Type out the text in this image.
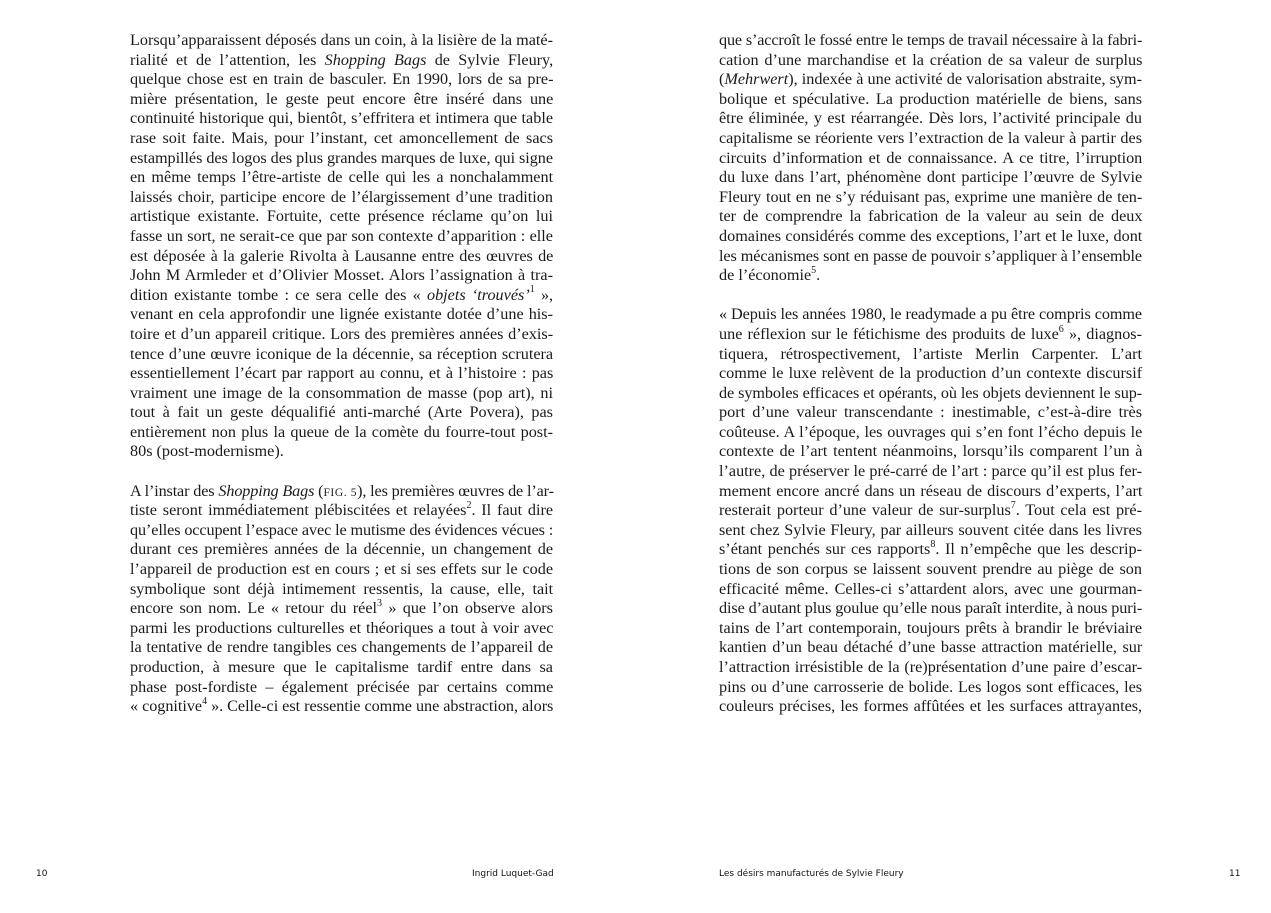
Lorsqu’apparaissent déposés dans un coin, à la lisière de la maté-
rialité et de l’attention, les Shopping Bags de Sylvie Fleury,
quelque chose est en train de basculer. En 1990, lors de sa pre-
mière présentation, le geste peut encore être inséré dans une
continuité historique qui, bientôt, s’effritera et intimera que table
rase soit faite. Mais, pour l’instant, cet amoncellement de sacs
estampillés des logos des plus grandes marques de luxe, qui signe
en même temps l’être-artiste de celle qui les a nonchalamment
laissés choir, participe encore de l’élargissement d’une tradition
artistique existante. Fortuite, cette présence réclame qu’on lui
fasse un sort, ne serait-ce que par son contexte d’apparition : elle
est déposée à la galerie Rivolta à Lausanne entre des œuvres de
John M Armleder et d’Olivier Mosset. Alors l’assignation à tra-
dition existante tombe : ce sera celle des « objets ‘trouvés’$^1$ »,
venant en cela approfondir une lignée existante dotée d’une his-
toire et d’un appareil critique. Lors des premières années d’exis-
tence d’une œuvre iconique de la décennie, sa réception scrutera
essentiellement l’écart par rapport au connu, et à l’histoire : pas
vraiment une image de la consommation de masse (pop art), ni
tout à fait un geste déqualifié anti-marché (Arte Povera), pas
entièrement non plus la queue de la comète du fourre-tout post-
80s (post-modernisme).
A l’instar des Shopping Bags (FIG. 5), les premières œuvres de l’ar-
tiste seront immédiatement plébiscitées et relayées$^2$. Il faut dire
qu’elles occupent l’espace avec le mutisme des évidences vécues :
durant ces premières années de la décennie, un changement de
l’appareil de production est en cours ; et si ses effets sur le code
symbolique sont déjà intimement ressentis, la cause, elle, tait
encore son nom. Le « retour du réel$^3$ » que l’on observe alors
parmi les productions culturelles et théoriques a tout à voir avec
la tentative de rendre tangibles ces changements de l’appareil de
production, à mesure que le capitalisme tardif entre dans sa
phase post-fordiste – également précisée par certains comme
« cognitive$^4$ ». Celle-ci est ressentie comme une abstraction, alors
10	Ingrid Luquet-Gad
que s’accroît le fossé entre le temps de travail nécessaire à la fabri-
cation d’une marchandise et la création de sa valeur de surplus
(Mehrwert), indexée à une activité de valorisation abstraite, sym-
bolique et spéculative. La production matérielle de biens, sans
être éliminée, y est réarrangée. Dès lors, l’activité principale du
capitalisme se réoriente vers l’extraction de la valeur à partir des
circuits d’information et de connaissance. A ce titre, l’irruption
du luxe dans l’art, phénomène dont participe l’œuvre de Sylvie
Fleury tout en ne s’y réduisant pas, exprime une manière de ten-
ter de comprendre la fabrication de la valeur au sein de deux
domaines considérés comme des exceptions, l’art et le luxe, dont
les mécanismes sont en passe de pouvoir s’appliquer à l’ensemble
de l’économie$^5$.
« Depuis les années 1980, le readymade a pu être compris comme
une réflexion sur le fétichisme des produits de luxe$^6$ », diagnos-
tiquera, rétrospectivement, l’artiste Merlin Carpenter. L’art
comme le luxe relèvent de la production d’un contexte discursif
de symboles efficaces et opérants, où les objets deviennent le sup-
port d’une valeur transcendante : inestimable, c’est-à-dire très
coûteuse. A l’époque, les ouvrages qui s’en font l’écho depuis le
contexte de l’art tentent néanmoins, lorsqu’ils comparent l’un à
l’autre, de préserver le pré-carré de l’art : parce qu’il est plus fer-
mement encore ancré dans un réseau de discours d’experts, l’art
resterait porteur d’une valeur de sur-surplus$^7$. Tout cela est pré-
sent chez Sylvie Fleury, par ailleurs souvent citée dans les livres
s’étant penchés sur ces rapports$^8$. Il n’empêche que les descrip-
tions de son corpus se laissent souvent prendre au piège de son
efficacité même. Celles-ci s’attardent alors, avec une gourman-
dise d’autant plus goulue qu’elle nous paraît interdite, à nous puri-
tains de l’art contemporain, toujours prêts à brandir le bréviaire
kantien d’un beau détaché d’une basse attraction matérielle, sur
l’attraction irrésistible de la (re)présentation d’une paire d’escar-
pins ou d’une carrosserie de bolide. Les logos sont efficaces, les
couleurs précises, les formes affûtées et les surfaces attrayantes,
Les désirs manufacturés de Sylvie Fleury	11
